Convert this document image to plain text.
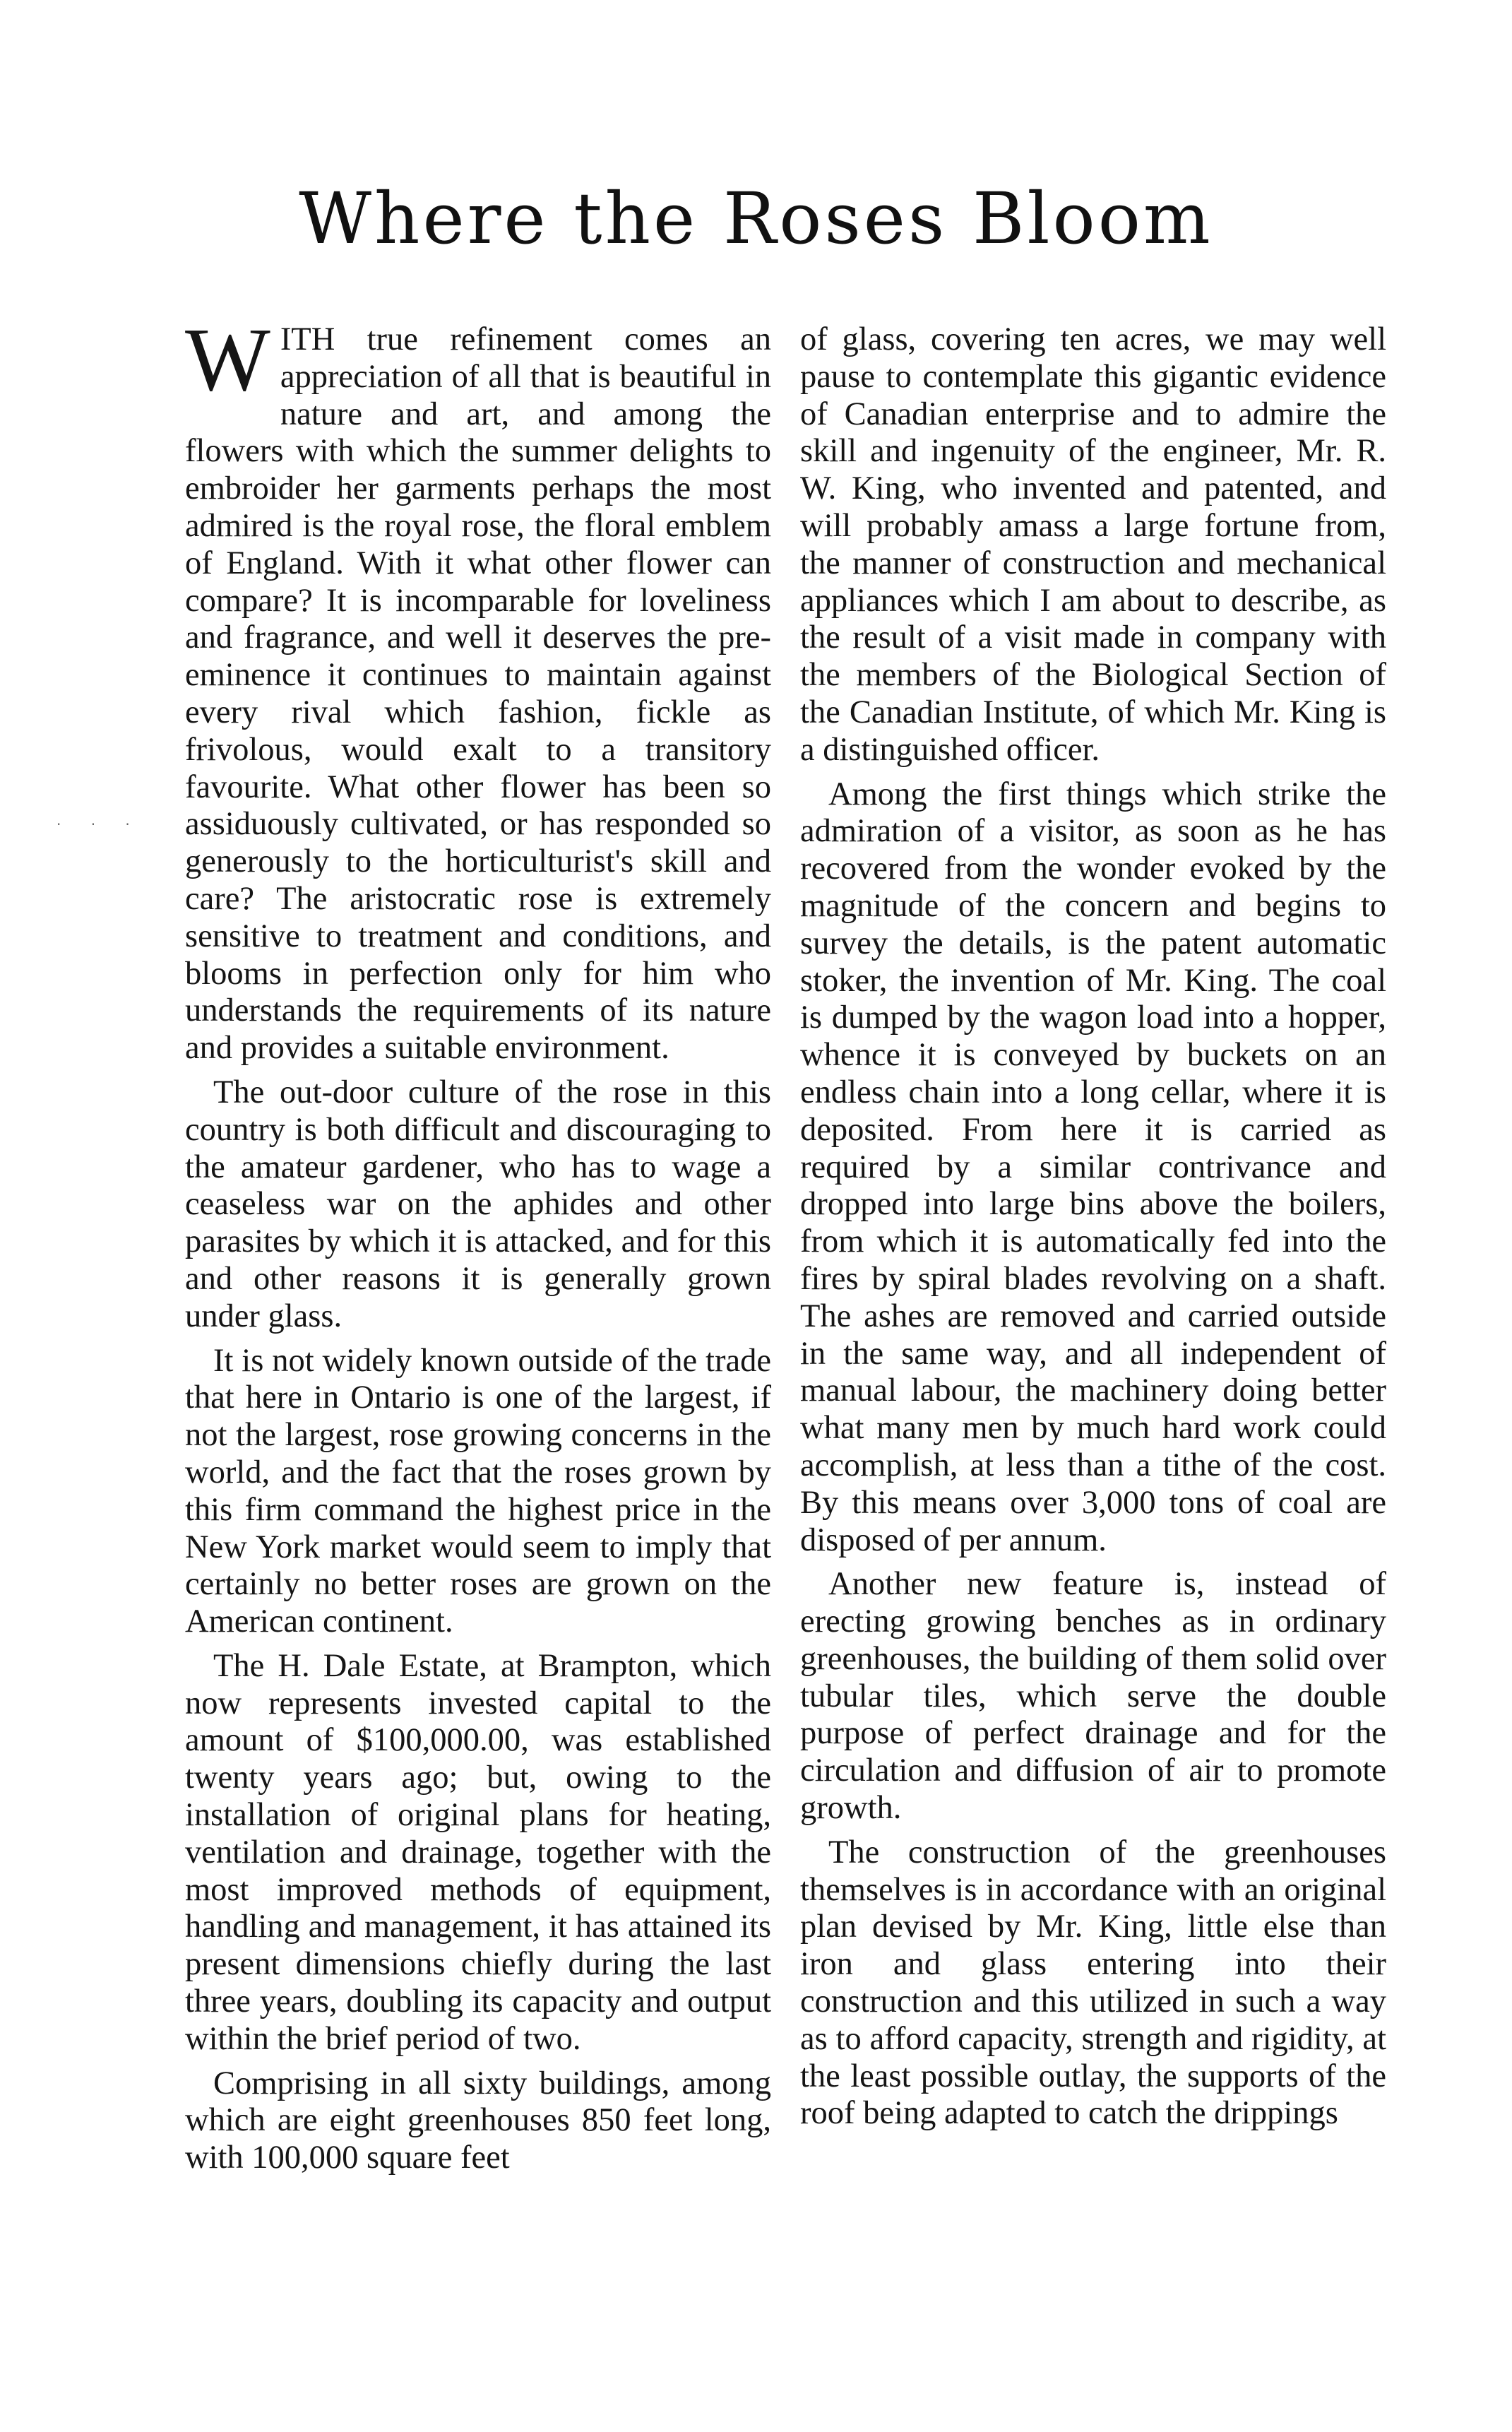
Where the Roses Bloom
· · ·

WITH true refinement comes an appreciation of all that is beautiful in nature and art, and among the flowers with which the summer delights to embroider her garments perhaps the most admired is the royal rose, the floral emblem of England. With it what other flower can compare? It is incomparable for loveliness and fragrance, and well it deserves the pre-eminence it continues to maintain against every rival which fashion, fickle as frivolous, would exalt to a transitory favourite. What other flower has been so assiduously cultivated, or has responded so generously to the horticulturist's skill and care? The aristocratic rose is extremely sensitive to treatment and conditions, and blooms in perfection only for him who understands the requirements of its nature and provides a suitable environment.

The out-door culture of the rose in this country is both difficult and discouraging to the amateur gardener, who has to wage a ceaseless war on the aphides and other parasites by which it is attacked, and for this and other reasons it is generally grown under glass.

It is not widely known outside of the trade that here in Ontario is one of the largest, if not the largest, rose growing concerns in the world, and the fact that the roses grown by this firm command the highest price in the New York market would seem to imply that certainly no better roses are grown on the American continent.

The H. Dale Estate, at Brampton, which now represents invested capital to the amount of $100,000.00, was established twenty years ago; but, owing to the installation of original plans for heating, ventilation and drainage, together with the most improved methods of equipment, handling and management, it has attained its present dimensions chiefly during the last three years, doubling its capacity and output within the brief period of two.

Comprising in all sixty buildings, among which are eight greenhouses 850 feet long, with 100,000 square feet

of glass, covering ten acres, we may well pause to contemplate this gigantic evidence of Canadian enterprise and to admire the skill and ingenuity of the engineer, Mr. R. W. King, who invented and patented, and will probably amass a large fortune from, the manner of construction and mechanical appliances which I am about to describe, as the result of a visit made in company with the members of the Biological Section of the Canadian Institute, of which Mr. King is a distinguished officer.

Among the first things which strike the admiration of a visitor, as soon as he has recovered from the wonder evoked by the magnitude of the concern and begins to survey the details, is the patent automatic stoker, the invention of Mr. King. The coal is dumped by the wagon load into a hopper, whence it is conveyed by buckets on an endless chain into a long cellar, where it is deposited. From here it is carried as required by a similar contrivance and dropped into large bins above the boilers, from which it is automatically fed into the fires by spiral blades revolving on a shaft. The ashes are removed and carried outside in the same way, and all independent of manual labour, the machinery doing better what many men by much hard work could accomplish, at less than a tithe of the cost. By this means over 3,000 tons of coal are disposed of per annum.

Another new feature is, instead of erecting growing benches as in ordinary greenhouses, the building of them solid over tubular tiles, which serve the double purpose of perfect drainage and for the circulation and diffusion of air to promote growth.

The construction of the greenhouses themselves is in accordance with an original plan devised by Mr. King, little else than iron and glass entering into their construction and this utilized in such a way as to afford capacity, strength and rigidity, at the least possible outlay, the supports of the roof being adapted to catch the drippings
